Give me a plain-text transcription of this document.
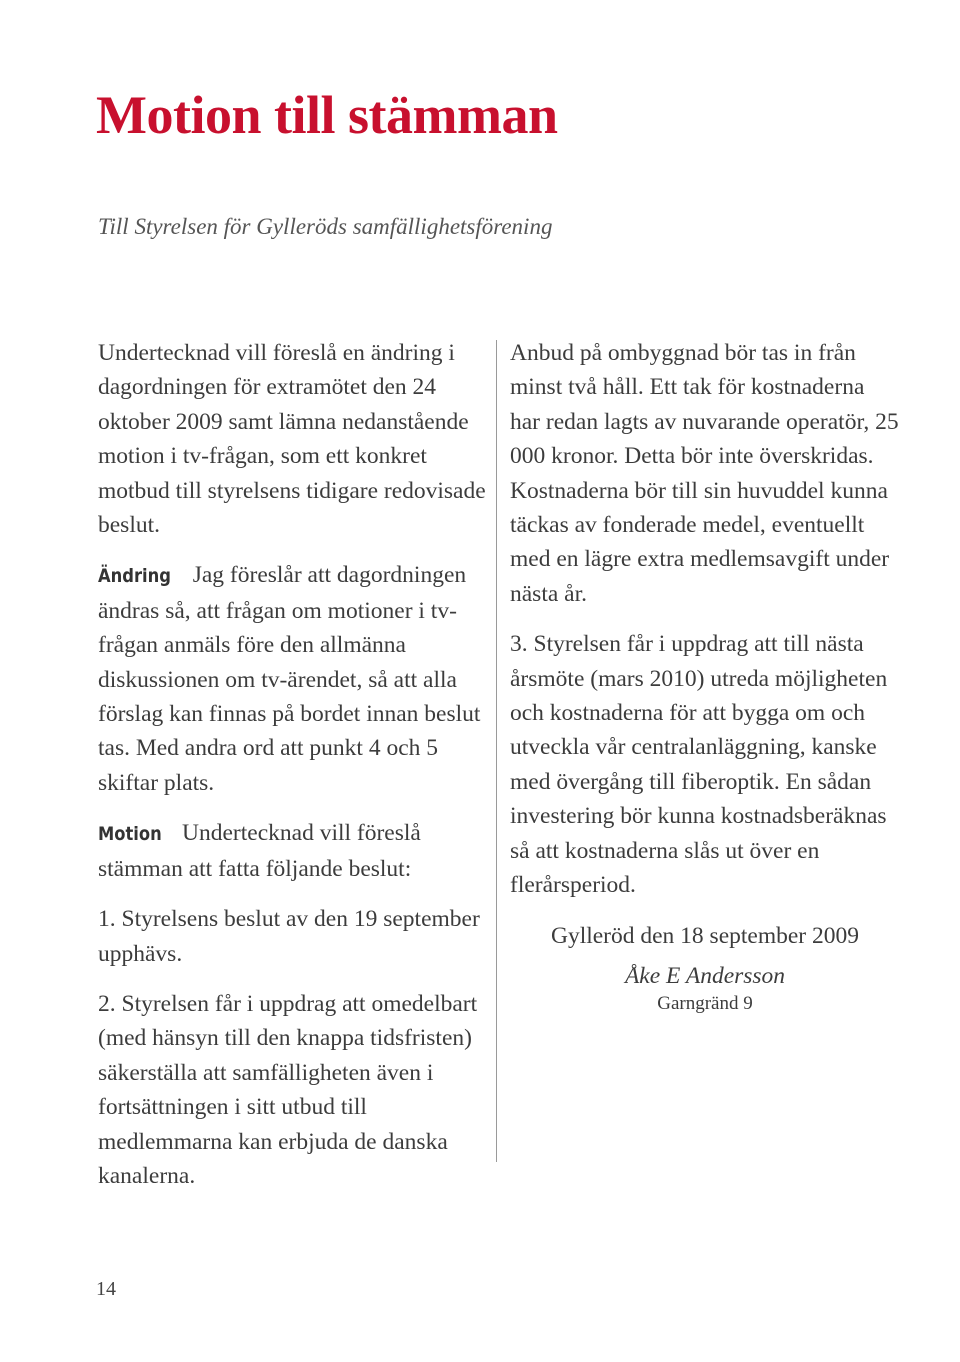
Motion till stämman

Till Styrelsen för Gylleröds samfällighetsförening

Undertecknad vill föreslå en ändring i dagordningen för extramötet den 24 oktober 2009 samt lämna nedanstående motion i tv-frågan, som ett konkret motbud till styrelsens tidigare redovisade beslut.

Ändring Jag föreslår att dagordningen ändras så, att frågan om motioner i tv-frågan anmäls före den allmänna diskussionen om tv-ärendet, så att alla förslag kan finnas på bordet innan beslut tas. Med andra ord att punkt 4 och 5 skiftar plats.

Motion Undertecknad vill föreslå stämman att fatta följande beslut:

1. Styrelsens beslut av den 19 september upphävs.

2. Styrelsen får i uppdrag att omedelbart (med hänsyn till den knappa tidsfristen) säkerställa att samfälligheten även i fortsättningen i sitt utbud till medlemmarna kan erbjuda de danska kanalerna.

Anbud på ombyggnad bör tas in från minst två håll. Ett tak för kostnaderna har redan lagts av nuvarande operatör, 25 000 kronor. Detta bör inte överskridas. Kostnaderna bör till sin huvuddel kunna täckas av fonderade medel, eventuellt med en lägre extra medlemsavgift under nästa år.

3. Styrelsen får i uppdrag att till nästa årsmöte (mars 2010) utreda möjligheten och kostnaderna för att bygga om och utveckla vår centralanläggning, kanske med övergång till fiberoptik. En sådan investering bör kunna kostnadsberäknas så att kostnaderna slås ut över en flerårsperiod.

Gylleröd den 18 september 2009

Åke E Andersson

Garngränd 9

14
